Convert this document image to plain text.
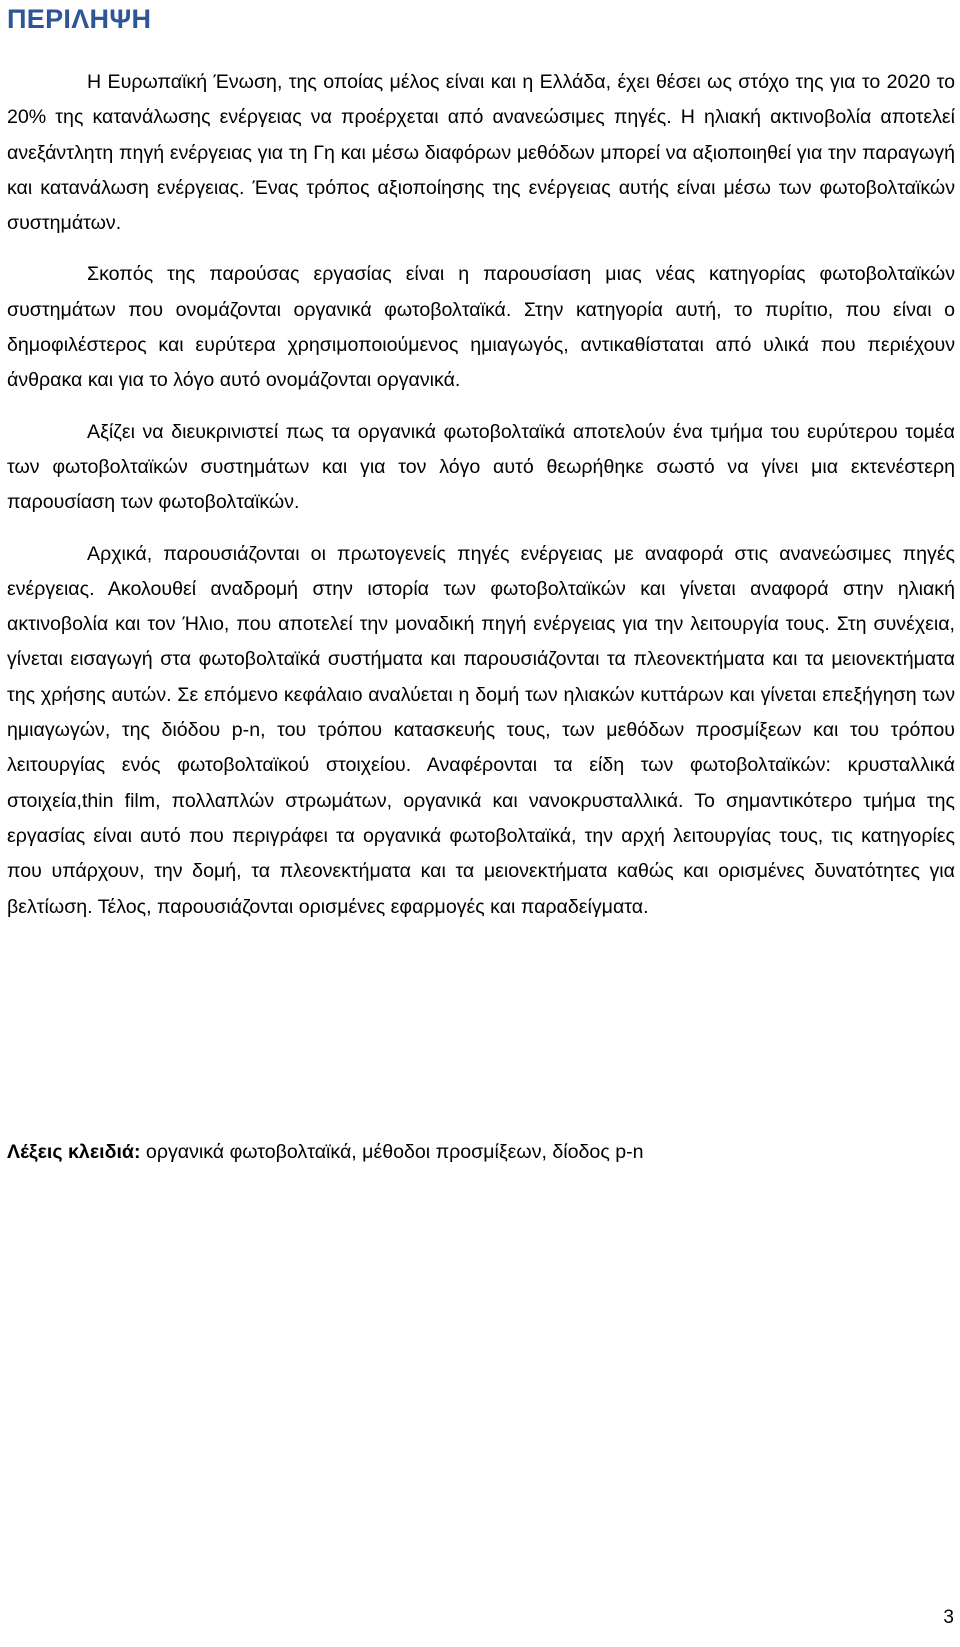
ΠΕΡΙΛΗΨΗ

Η Ευρωπαϊκή Ένωση, της οποίας μέλος είναι και η Ελλάδα, έχει θέσει ως στόχο της για το 2020 το 20% της κατανάλωσης ενέργειας να προέρχεται από ανανεώσιμες πηγές. Η ηλιακή ακτινοβολία αποτελεί ανεξάντλητη πηγή ενέργειας για τη Γη και μέσω διαφόρων μεθόδων μπορεί να αξιοποιηθεί για την παραγωγή και κατανάλωση ενέργειας. Ένας τρόπος αξιοποίησης της ενέργειας αυτής είναι μέσω των φωτοβολταϊκών συστημάτων.

Σκοπός της παρούσας εργασίας είναι η παρουσίαση μιας νέας κατηγορίας φωτοβολταϊκών συστημάτων που ονομάζονται οργανικά φωτοβολταϊκά. Στην κατηγορία αυτή, το πυρίτιο, που είναι ο δημοφιλέστερος και ευρύτερα χρησιμοποιούμενος ημιαγωγός, αντικαθίσταται από υλικά που περιέχουν άνθρακα και για το λόγο αυτό ονομάζονται οργανικά.

Αξίζει να διευκρινιστεί πως τα οργανικά φωτοβολταϊκά αποτελούν ένα τμήμα του ευρύτερου τομέα των φωτοβολταϊκών συστημάτων και για τον λόγο αυτό θεωρήθηκε σωστό να γίνει μια εκτενέστερη παρουσίαση των φωτοβολταϊκών.

Αρχικά, παρουσιάζονται οι πρωτογενείς πηγές ενέργειας με αναφορά στις ανανεώσιμες πηγές ενέργειας. Ακολουθεί αναδρομή στην ιστορία των φωτοβολταϊκών και γίνεται αναφορά στην ηλιακή ακτινοβολία και τον Ήλιο, που αποτελεί την μοναδική πηγή ενέργειας για την λειτουργία τους. Στη συνέχεια, γίνεται εισαγωγή στα φωτοβολταϊκά συστήματα και παρουσιάζονται τα πλεονεκτήματα και τα μειονεκτήματα της χρήσης αυτών. Σε επόμενο κεφάλαιο αναλύεται η δομή των ηλιακών κυττάρων και γίνεται επεξήγηση των ημιαγωγών, της διόδου p-n, του τρόπου κατασκευής τους, των μεθόδων προσμίξεων και του τρόπου λειτουργίας ενός φωτοβολταϊκού στοιχείου. Αναφέρονται τα είδη των φωτοβολταϊκών: κρυσταλλικά στοιχεία,thin film, πολλαπλών στρωμάτων, οργανικά και νανοκρυσταλλικά. Το σημαντικότερο τμήμα της εργασίας είναι αυτό που περιγράφει τα οργανικά φωτοβολταϊκά, την αρχή λειτουργίας τους, τις κατηγορίες που υπάρχουν, την δομή, τα πλεονεκτήματα και τα μειονεκτήματα καθώς και ορισμένες δυνατότητες για βελτίωση. Τέλος, παρουσιάζονται ορισμένες εφαρμογές και παραδείγματα.

Λέξεις κλειδιά: οργανικά φωτοβολταϊκά, μέθοδοι προσμίξεων, δίοδος p-n

3
